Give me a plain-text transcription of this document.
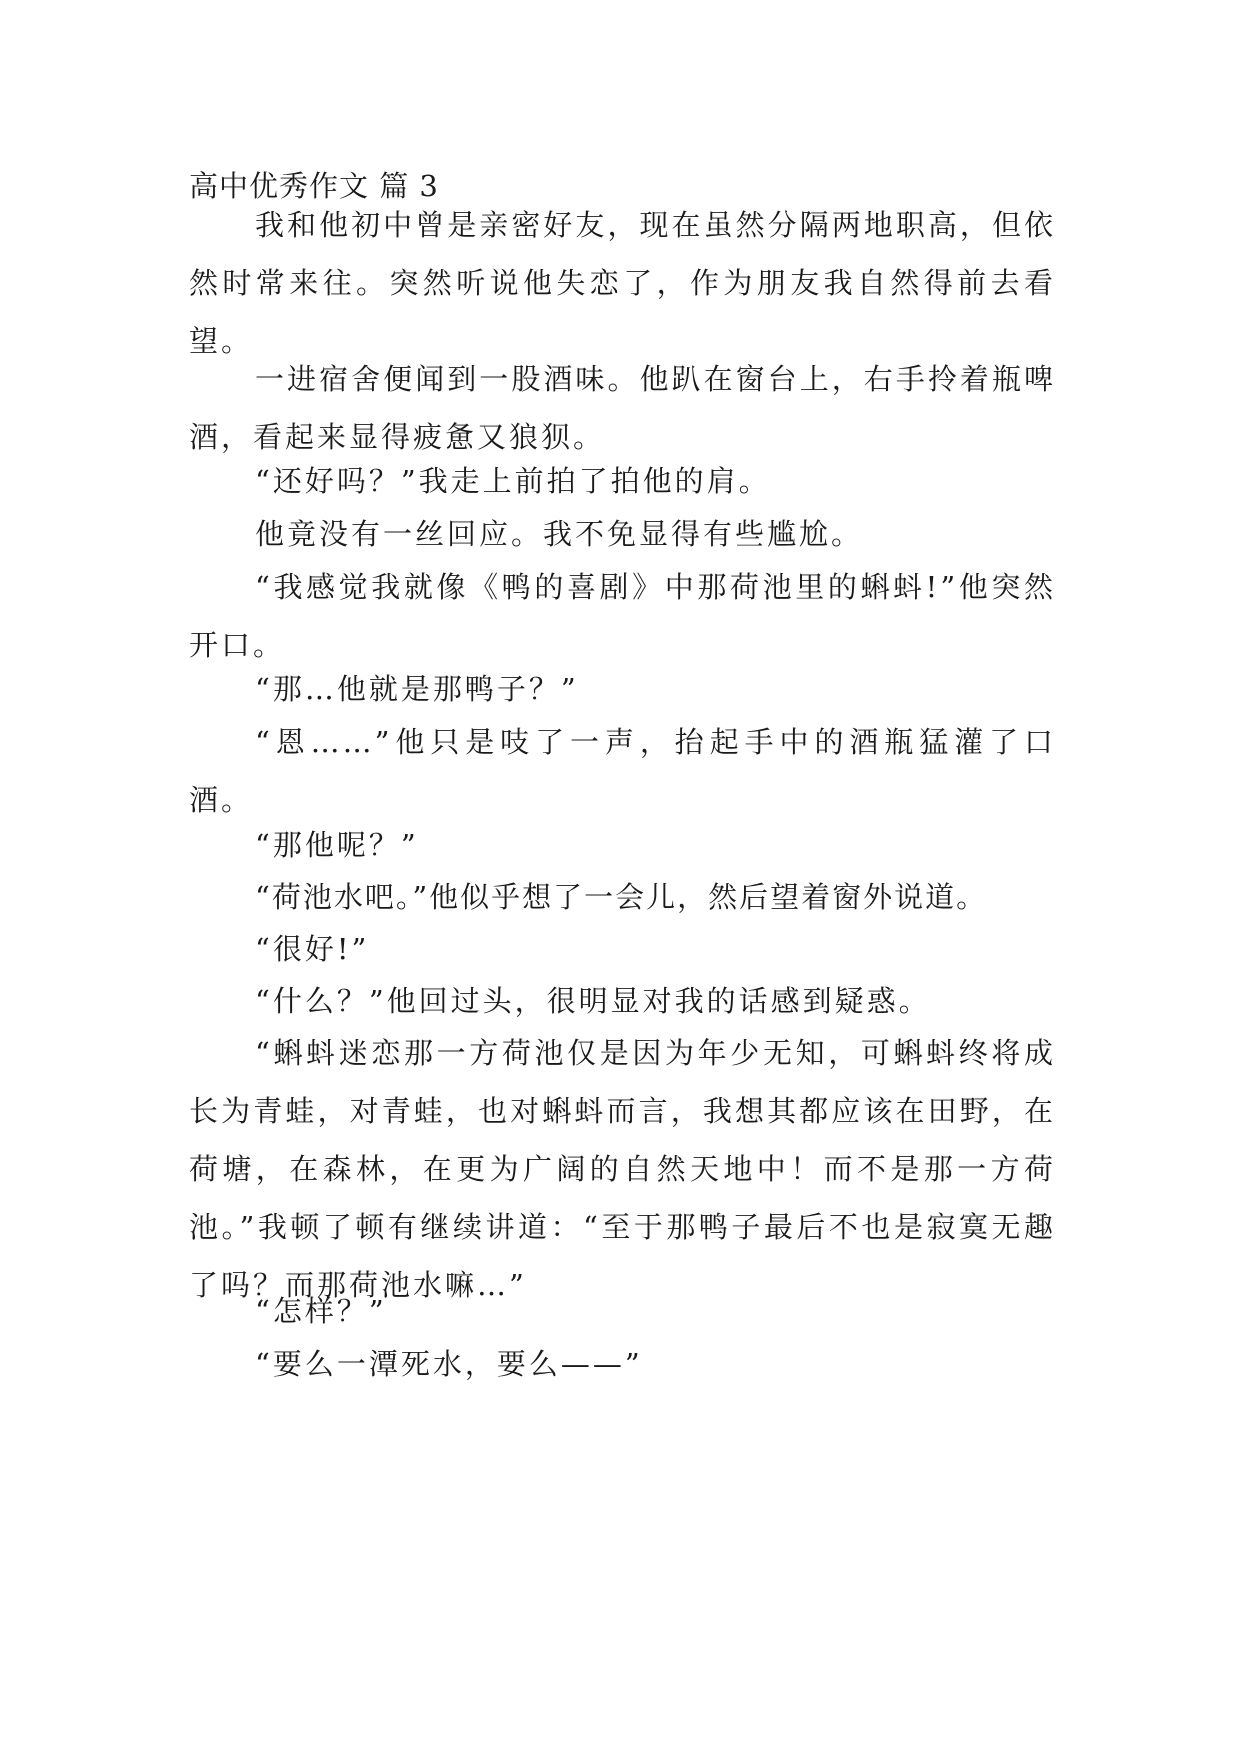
高中优秀作文 篇 3

我和他初中曾是亲密好友，现在虽然分隔两地职高，但依然时常来往。突然听说他失恋了，作为朋友我自然得前去看望。

一进宿舍便闻到一股酒味。他趴在窗台上，右手拎着瓶啤酒，看起来显得疲惫又狼狈。

“还好吗？”我走上前拍了拍他的肩。

他竟没有一丝回应。我不免显得有些尴尬。

“我感觉我就像《鸭的喜剧》中那荷池里的蝌蚪!”他突然开口。

“那…他就是那鸭子？”

“恩……”他只是吱了一声，抬起手中的酒瓶猛灌了口酒。

“那他呢？”

“荷池水吧。”他似乎想了一会儿，然后望着窗外说道。

“很好!”

“什么？”他回过头，很明显对我的话感到疑惑。

“蝌蚪迷恋那一方荷池仅是因为年少无知，可蝌蚪终将成长为青蛙，对青蛙，也对蝌蚪而言，我想其都应该在田野，在荷塘，在森林，在更为广阔的自然天地中！而不是那一方荷池。”我顿了顿有继续讲道：“至于那鸭子最后不也是寂寞无趣了吗？而那荷池水嘛…”

“怎样？”

“要么一潭死水，要么——”
